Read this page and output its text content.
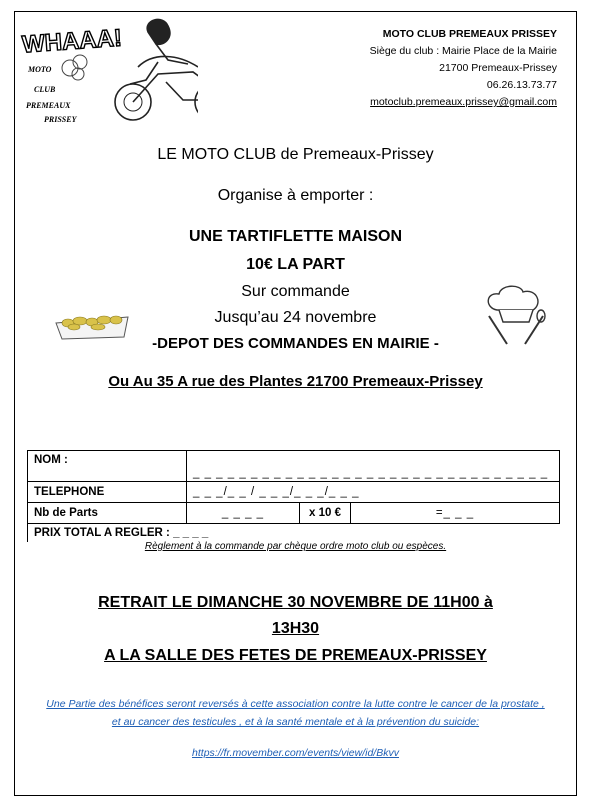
WHAAA!
MOTO
CLUB
PREMEAUX
PRISSEY
MOTO CLUB PREMEAUX PRISSEY
Siège du club : Mairie Place de la Mairie
21700 Premeaux-Prissey
06.26.13.73.77
motoclub.premeaux.prissey@gmail.com
LE MOTO CLUB de Premeaux-Prissey
Organise à emporter :
UNE TARTIFLETTE MAISON
10€ LA PART
Sur commande
Jusqu’au 24 novembre
-DEPOT DES COMMANDES EN MAIRIE -
Ou Au 35 A rue des Plantes 21700 Premeaux-Prissey
NOM :	_ _ _ _ _ _ _ _ _ _ _ _ _ _ _ _ _ _ _ _ _ _ _ _ _ _ _ _ _ _ _		
TELEPHONE	_ _ _/_ _ / _ _ _/_ _ _/_ _ _		
Nb de Parts	_ _ _ _	x 10 €	=_ _ _
PRIX TOTAL A REGLER : _ _ _ _			
Règlement à la commande par chèque ordre moto club ou espèces.
RETRAIT LE DIMANCHE 30 NOVEMBRE DE 11H00 à
13H30
A LA SALLE DES FETES DE PREMEAUX-PRISSEY
Une Partie des bénéfices seront reversés à cette association contre la lutte contre le cancer de la prostate ,
et au cancer des testicules , et à la santé mentale et à la prévention du suicide:
https://fr.movember.com/events/view/id/Bkvv
